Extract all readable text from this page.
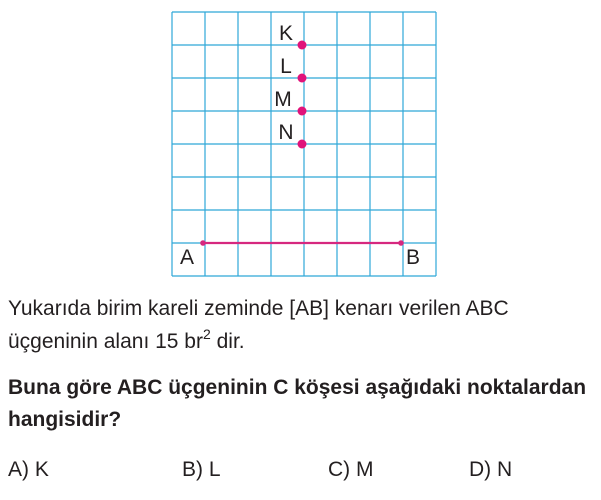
A	B
K
L
M
N

Yukarıda birim kareli zeminde [AB] kenarı verilen ABC üçgeninin alanı 15 $br^2$ dir.

Buna göre ABC üçgeninin C köşesi aşağıdaki noktalardan hangisidir?

A) K	B) L	C) M	D) N
